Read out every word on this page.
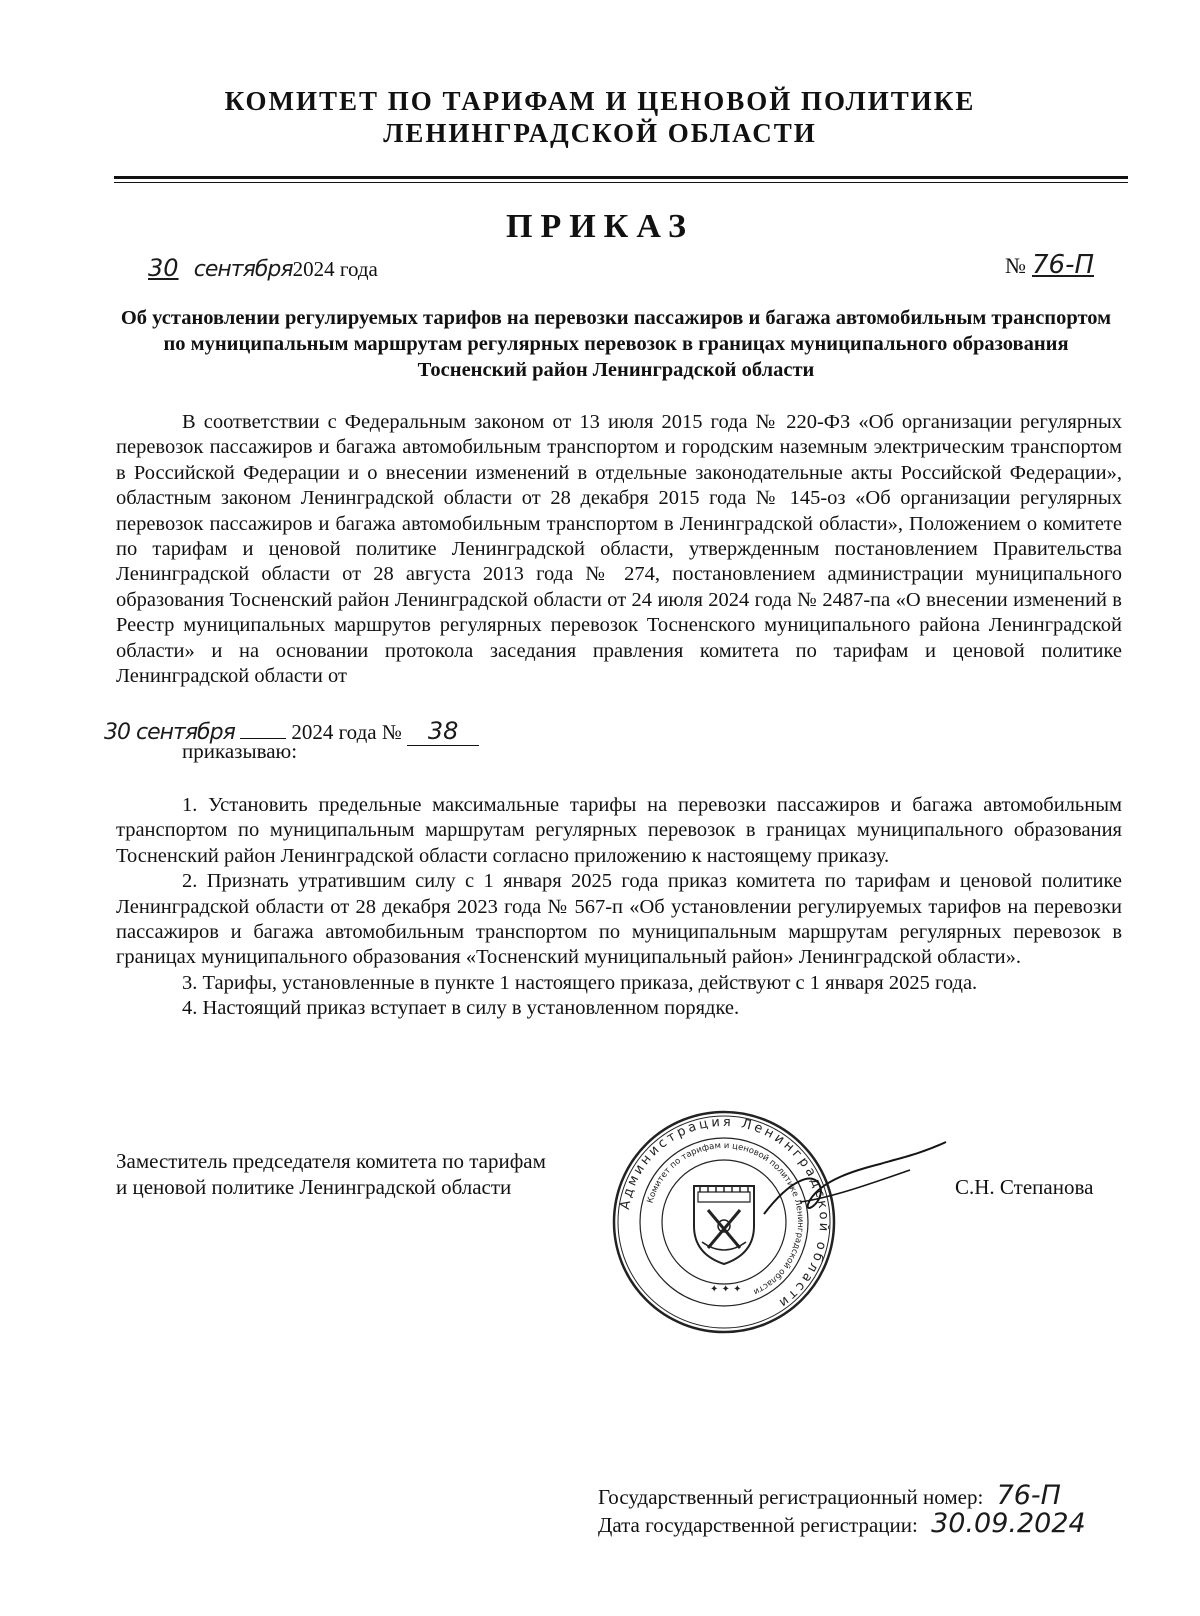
КОМИТЕТ ПО ТАРИФАМ И ЦЕНОВОЙ ПОЛИТИКЕ
ЛЕНИНГРАДСКОЙ ОБЛАСТИ
ПРИКАЗ
30 сентября2024 года	№ 76-П
Об установлении регулируемых тарифов на перевозки пассажиров и багажа автомобильным транспортом по муниципальным маршрутам регулярных перевозок в границах муниципального образования Тосненский район Ленинградской области
В соответствии с Федеральным законом от 13 июля 2015 года № 220-ФЗ «Об организации регулярных перевозок пассажиров и багажа автомобильным транспортом и городским наземным электрическим транспортом в Российской Федерации и о внесении изменений в отдельные законодательные акты Российской Федерации», областным законом Ленинградской области от 28 декабря 2015 года № 145-оз «Об организации регулярных перевозок пассажиров и багажа автомобильным транспортом в Ленинградской области», Положением о комитете по тарифам и ценовой политике Ленинградской области, утвержденным постановлением Правительства Ленинградской области от 28 августа 2013 года № 274, постановлением администрации муниципального образования Тосненский район Ленинградской области от 24 июля 2024 года № 2487-па «О внесении изменений в Реестр муниципальных маршрутов регулярных перевозок Тосненского муниципального района Ленинградской области» и на основании протокола заседания правления комитета по тарифам и ценовой политике Ленинградской области от
30 сентября	2024 года № 38
приказываю:
1. Установить предельные максимальные тарифы на перевозки пассажиров и багажа автомобильным транспортом по муниципальным маршрутам регулярных перевозок в границах муниципального образования Тосненский район Ленинградской области согласно приложению к настоящему приказу.
2. Признать утратившим силу с 1 января 2025 года приказ комитета по тарифам и ценовой политике Ленинградской области от 28 декабря 2023 года № 567-п «Об установлении регулируемых тарифов на перевозки пассажиров и багажа автомобильным транспортом по муниципальным маршрутам регулярных перевозок в границах муниципального образования «Тосненский муниципальный район» Ленинградской области».
3. Тарифы, установленные в пункте 1 настоящего приказа, действуют с 1 января 2025 года.
4. Настоящий приказ вступает в силу в установленном порядке.
Заместитель председателя комитета по тарифам
и ценовой политике Ленинградской области
Администрация Ленинградской области
Комитет по тарифам и ценовой политике Ленинградской области
✦ ✦ ✦
С.Н. Степанова
Государственный регистрационный номер: 76-П
Дата государственной регистрации: 30.09.2024
